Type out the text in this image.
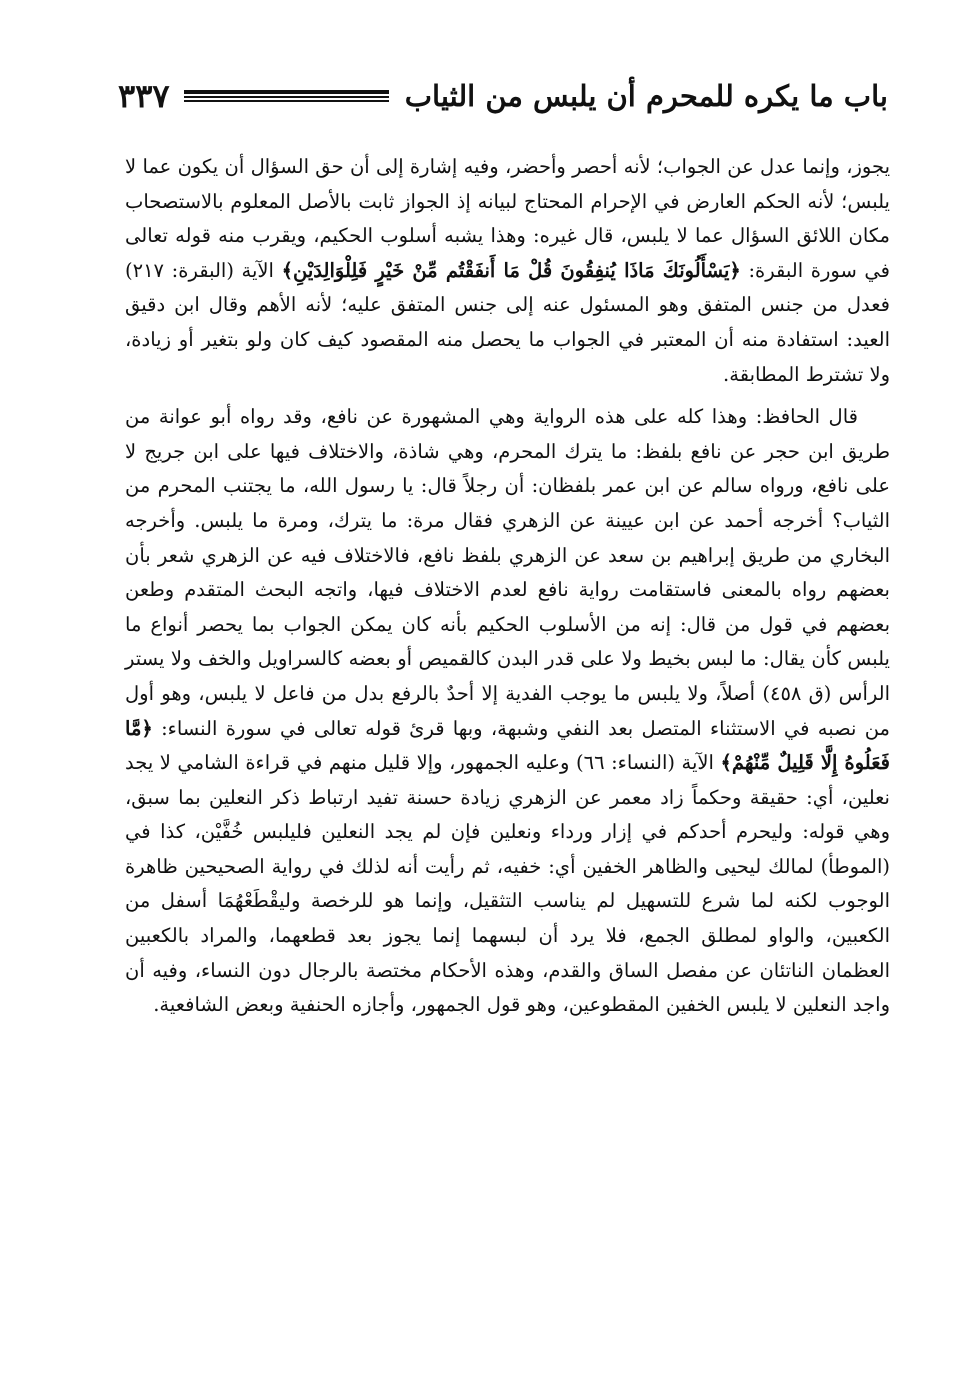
باب ما يكره للمحرم أن يلبس من الثياب
٣٣٧

يجوز، وإنما عدل عن الجواب؛ لأنه أحصر وأحضر، وفيه إشارة إلى أن حق السؤال أن يكون عما لا يلبس؛ لأنه الحكم العارض في الإحرام المحتاج لبيانه إذ الجواز ثابت بالأصل المعلوم بالاستصحاب مكان اللائق السؤال عما لا يلبس، قال غيره: وهذا يشبه أسلوب الحكيم، ويقرب منه قوله تعالى في سورة البقرة: ﴿يَسْأَلُونَكَ مَاذَا يُنفِقُونَ قُلْ مَا أَنفَقْتُم مِّنْ خَيْرٍ فَلِلْوَالِدَيْنِ﴾ الآية (البقرة: ٢١٧) فعدل من جنس المتفق وهو المسئول عنه إلى جنس المتفق عليه؛ لأنه الأهم وقال ابن دقيق العيد: استفادة منه أن المعتبر في الجواب ما يحصل منه المقصود كيف كان ولو بتغير أو زيادة، ولا تشترط المطابقة.

قال الحافظ: وهذا كله على هذه الرواية وهي المشهورة عن نافع، وقد رواه أبو عوانة من طريق ابن حجر عن نافع بلفظ: ما يترك المحرم، وهي شاذة، والاختلاف فيها على ابن جريج لا على نافع، ورواه سالم عن ابن عمر بلفظان: أن رجلاً قال: يا رسول الله، ما يجتنب المحرم من الثياب؟ أخرجه أحمد عن ابن عيينة عن الزهري فقال مرة: ما يترك، ومرة ما يلبس. وأخرجه البخاري من طريق إبراهيم بن سعد عن الزهري بلفظ نافع، فالاختلاف فيه عن الزهري شعر بأن بعضهم رواه بالمعنى فاستقامت رواية نافع لعدم الاختلاف فيها، واتجه البحث المتقدم وطعن بعضهم في قول من قال: إنه من الأسلوب الحكيم بأنه كان يمكن الجواب بما يحصر أنواع ما يلبس كأن يقال: ما لبس بخيط ولا على قدر البدن كالقميص أو بعضه كالسراويل والخف ولا يستر الرأس (ق ٤٥٨) أصلاً، ولا يلبس ما يوجب الفدية إلا أحدٌ بالرفع بدل من فاعل لا يلبس، وهو أول من نصبه في الاستثناء المتصل بعد النفي وشبهة، وبها قرئ قوله تعالى في سورة النساء: ﴿مَّا فَعَلُوهُ إِلَّا قَلِيلٌ مِّنْهُمْ﴾ الآية (النساء: ٦٦) وعليه الجمهور، وإلا قليل منهم في قراءة الشامي لا يجد نعلين، أي: حقيقة وحكماً زاد معمر عن الزهري زيادة حسنة تفيد ارتباط ذكر النعلين بما سبق، وهي قوله: وليحرم أحدكم في إزار ورداء ونعلين فإن لم يجد النعلين فليلبس خُفَّيْن، كذا في (الموطأ) لمالك ليحيى والظاهر الخفين أي: خفيه، ثم رأيت أنه لذلك في رواية الصحيحين ظاهرة الوجوب لكنه لما شرع للتسهيل لم يناسب التثقيل، وإنما هو للرخصة وليقْطَعْهُمَا أسفل من الكعبين، والواو لمطلق الجمع، فلا يرد أن لبسهما إنما يجوز بعد قطعهما، والمراد بالكعبين العظمان الناتئان عن مفصل الساق والقدم، وهذه الأحكام مختصة بالرجال دون النساء، وفيه أن واجد النعلين لا يلبس الخفين المقطوعين، وهو قول الجمهور، وأجازه الحنفية وبعض الشافعية.
